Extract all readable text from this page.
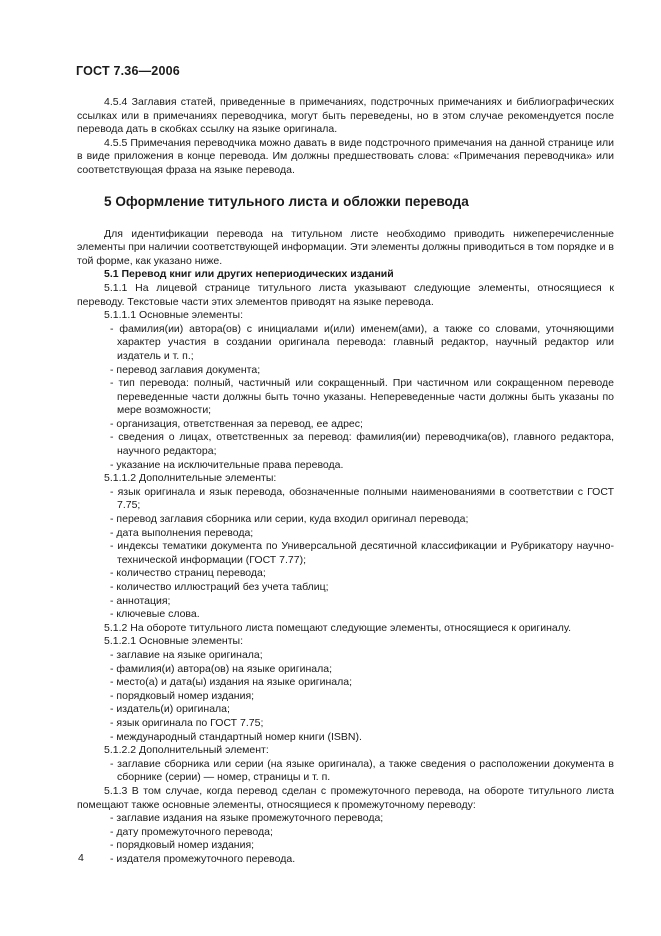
ГОСТ 7.36—2006

4.5.4 Заглавия статей, приведенные в примечаниях, подстрочных примечаниях и библиографических ссылках или в примечаниях переводчика, могут быть переведены, но в этом случае рекомендуется после перевода дать в скобках ссылку на языке оригинала.

4.5.5 Примечания переводчика можно давать в виде подстрочного примечания на данной странице или в виде приложения в конце перевода. Им должны предшествовать слова: «Примечания переводчика» или соответствующая фраза на языке перевода.

5 Оформление титульного листа и обложки перевода

Для идентификации перевода на титульном листе необходимо приводить нижеперечисленные элементы при наличии соответствующей информации. Эти элементы должны приводиться в том порядке и в той форме, как указано ниже.

5.1 Перевод книг или других непериодических изданий

5.1.1 На лицевой странице титульного листа указывают следующие элементы, относящиеся к переводу. Текстовые части этих элементов приводят на языке перевода.

5.1.1.1 Основные элементы:

- фамилия(ии) автора(ов) с инициалами и(или) именем(ами), а также со словами, уточняющими характер участия в создании оригинала перевода: главный редактор, научный редактор или издатель и т. п.;

- перевод заглавия документа;

- тип перевода: полный, частичный или сокращенный. При частичном или сокращенном переводе переведенные части должны быть точно указаны. Непереведенные части должны быть указаны по мере возможности;

- организация, ответственная за перевод, ее адрес;

- сведения о лицах, ответственных за перевод: фамилия(ии) переводчика(ов), главного редактора, научного редактора;

- указание на исключительные права перевода.

5.1.1.2 Дополнительные элементы:

- язык оригинала и язык перевода, обозначенные полными наименованиями в соответствии с ГОСТ 7.75;

- перевод заглавия сборника или серии, куда входил оригинал перевода;

- дата выполнения перевода;

- индексы тематики документа по Универсальной десятичной классификации и Рубрикатору научно-технической информации (ГОСТ 7.77);

- количество страниц перевода;

- количество иллюстраций без учета таблиц;

- аннотация;

- ключевые слова.

5.1.2 На обороте титульного листа помещают следующие элементы, относящиеся к оригиналу.

5.1.2.1 Основные элементы:

- заглавие на языке оригинала;

- фамилия(и) автора(ов) на языке оригинала;

- место(а) и дата(ы) издания на языке оригинала;

- порядковый номер издания;

- издатель(и) оригинала;

- язык оригинала по ГОСТ 7.75;

- международный стандартный номер книги (ISBN).

5.1.2.2 Дополнительный элемент:

- заглавие сборника или серии (на языке оригинала), а также сведения о расположении документа в сборнике (серии) — номер, страницы и т. п.

5.1.3 В том случае, когда перевод сделан с промежуточного перевода, на обороте титульного листа помещают также основные элементы, относящиеся к промежуточному переводу:

- заглавие издания на языке промежуточного перевода;

- дату промежуточного перевода;

- порядковый номер издания;

- издателя промежуточного перевода.

4
